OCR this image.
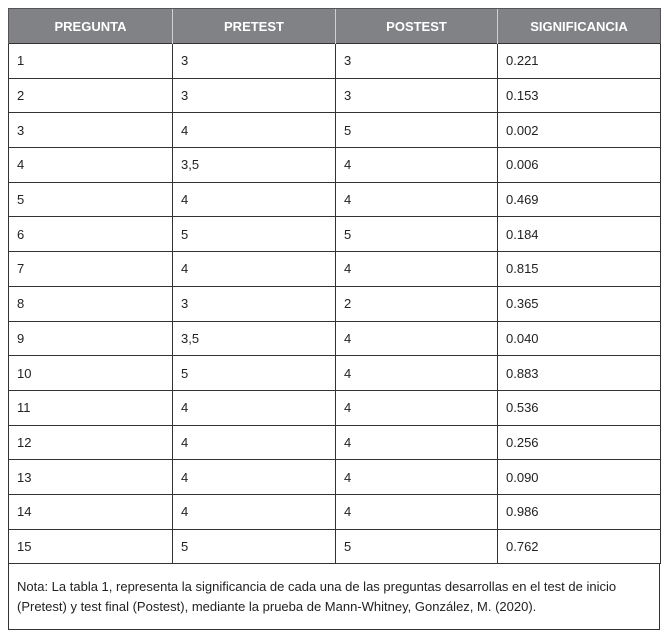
PREGUNTA	PRETEST	POSTEST	SIGNIFICANCIA
1	3	3	0.221
2	3	3	0.153
3	4	5	0.002
4	3,5	4	0.006
5	4	4	0.469
6	5	5	0.184
7	4	4	0.815
8	3	2	0.365
9	3,5	4	0.040
10	5	4	0.883
11	4	4	0.536
12	4	4	0.256
13	4	4	0.090
14	4	4	0.986
15	5	5	0.762
Nota: La tabla 1, representa la significancia de cada una de las preguntas desarrollas en el test de inicio (Pretest) y test final (Postest), mediante la prueba de Mann-Whitney, González, M. (2020).
